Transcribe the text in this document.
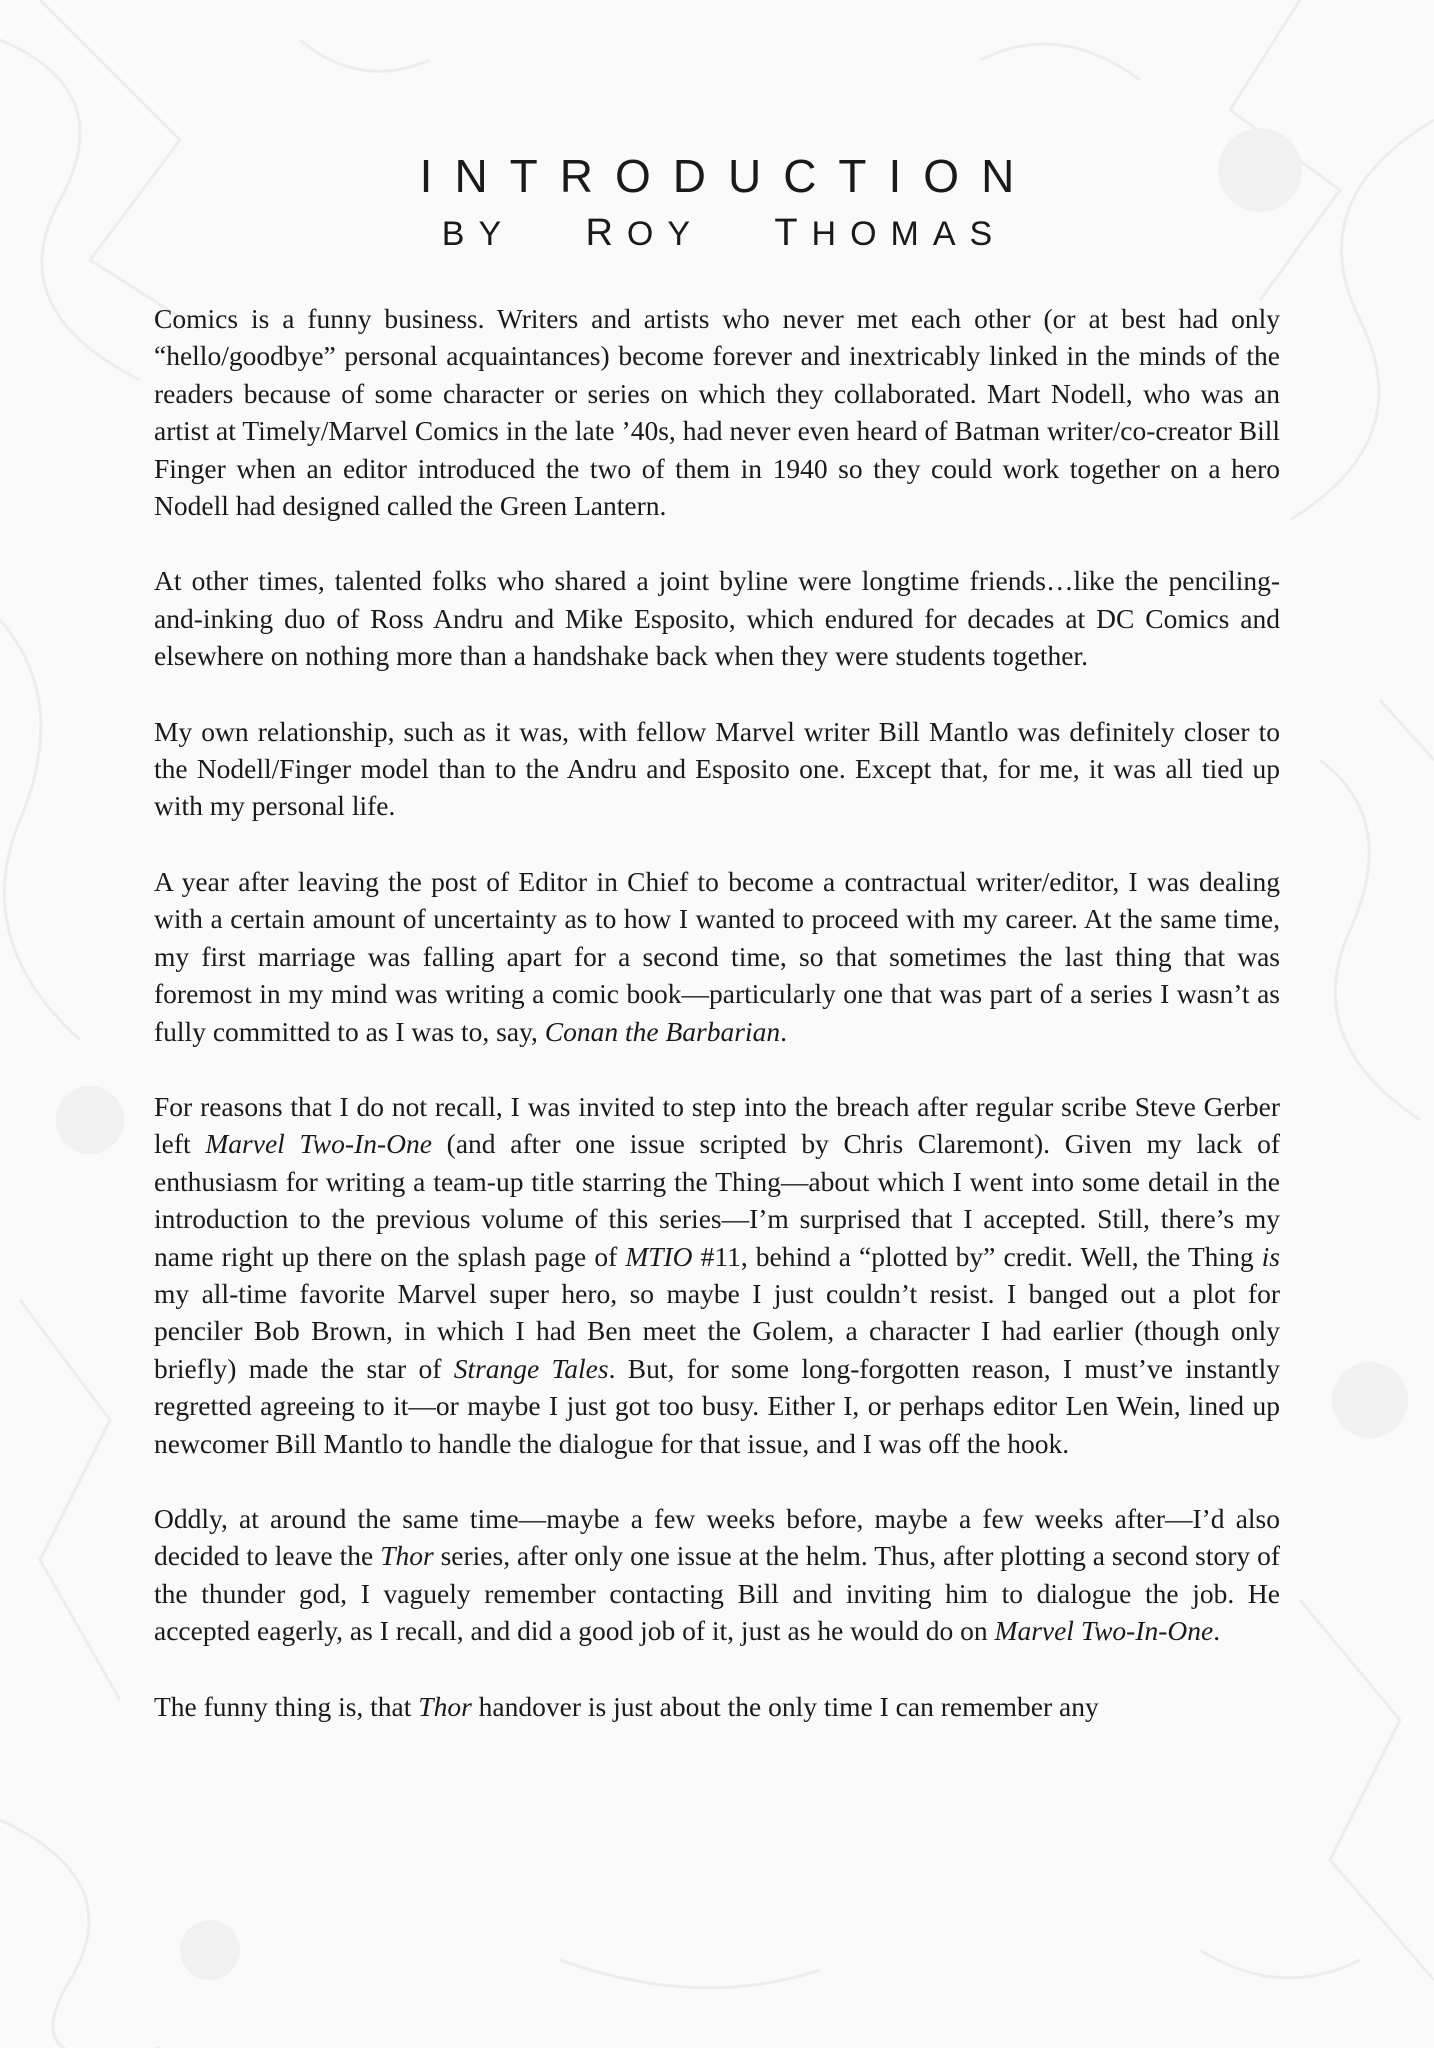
INTRODUCTION
BY ROY THOMAS

Comics is a funny business. Writers and artists who never met each other (or at best had only “hello/goodbye” personal acquaintances) become forever and inextricably linked in the minds of the readers because of some character or series on which they collaborated. Mart Nodell, who was an artist at Timely/Marvel Comics in the late ’40s, had never even heard of Batman writer/co-creator Bill Finger when an editor introduced the two of them in 1940 so they could work together on a hero Nodell had designed called the Green Lantern.

At other times, talented folks who shared a joint byline were longtime friends…like the penciling-and-inking duo of Ross Andru and Mike Esposito, which endured for decades at DC Comics and elsewhere on nothing more than a handshake back when they were students together.

My own relationship, such as it was, with fellow Marvel writer Bill Mantlo was definitely closer to the Nodell/Finger model than to the Andru and Esposito one. Except that, for me, it was all tied up with my personal life.

A year after leaving the post of Editor in Chief to become a contractual writer/editor, I was dealing with a certain amount of uncertainty as to how I wanted to proceed with my career. At the same time, my first marriage was falling apart for a second time, so that sometimes the last thing that was foremost in my mind was writing a comic book—particularly one that was part of a series I wasn’t as fully committed to as I was to, say, Conan the Barbarian.

For reasons that I do not recall, I was invited to step into the breach after regular scribe Steve Gerber left Marvel Two-In-One (and after one issue scripted by Chris Claremont). Given my lack of enthusiasm for writing a team-up title starring the Thing—about which I went into some detail in the introduction to the previous volume of this series—I’m surprised that I accepted. Still, there’s my name right up there on the splash page of MTIO #11, behind a “plotted by” credit. Well, the Thing is my all-time favorite Marvel super hero, so maybe I just couldn’t resist. I banged out a plot for penciler Bob Brown, in which I had Ben meet the Golem, a character I had earlier (though only briefly) made the star of Strange Tales. But, for some long-forgotten reason, I must’ve instantly regretted agreeing to it—or maybe I just got too busy. Either I, or perhaps editor Len Wein, lined up newcomer Bill Mantlo to handle the dialogue for that issue, and I was off the hook.

Oddly, at around the same time—maybe a few weeks before, maybe a few weeks after—I’d also decided to leave the Thor series, after only one issue at the helm. Thus, after plotting a second story of the thunder god, I vaguely remember contacting Bill and inviting him to dialogue the job. He accepted eagerly, as I recall, and did a good job of it, just as he would do on Marvel Two-In-One.

The funny thing is, that Thor handover is just about the only time I can remember any
